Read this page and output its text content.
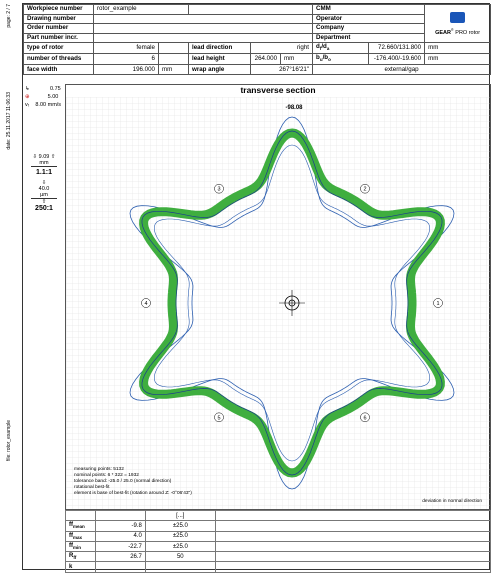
page: 2 / 7
date: 25.11.2017 11:06:33
file: rotor_example
Workpiece number	rotor_example					CMM		GEAR® PRO rotor	
Drawing number						Operator			
Order number						Company			
Part number incr.						Department			
type of rotor	female		lead direction	right		$d_f/d_a$	72.660/131.800	mm	
number of threads	6		lead height	264.000	mm	$b_u/b_o$	-176.400/-19.600	mm	

face width	196.000	mm	wrap angle	267°16'21"		external/gap			
↳	0.75
⊕	5.00
vₜ 8.00 mm/s
⇩ 9.09 ⇧
mm
1.1:1
⇩
40.0
µm
⇧
250:1
transverse section
-98.08
1
2
3
4
5	6
measuring points: 5132
nominal points: 6 * 322 = 1932
tolerance band: -25.0 / 25.0 (normal direction)
rotational best-fit
element is base of best-fit (rotation around Z: -0°06'43")
deviation in normal direction
		[...]	
$ff_{mean}$	-9.8	±25.0	
$ff_{max}$	4.0	±25.0	
$ff_{min}$	-22.7	±25.0	
$R_{ff}$	26.7	50	
k			
